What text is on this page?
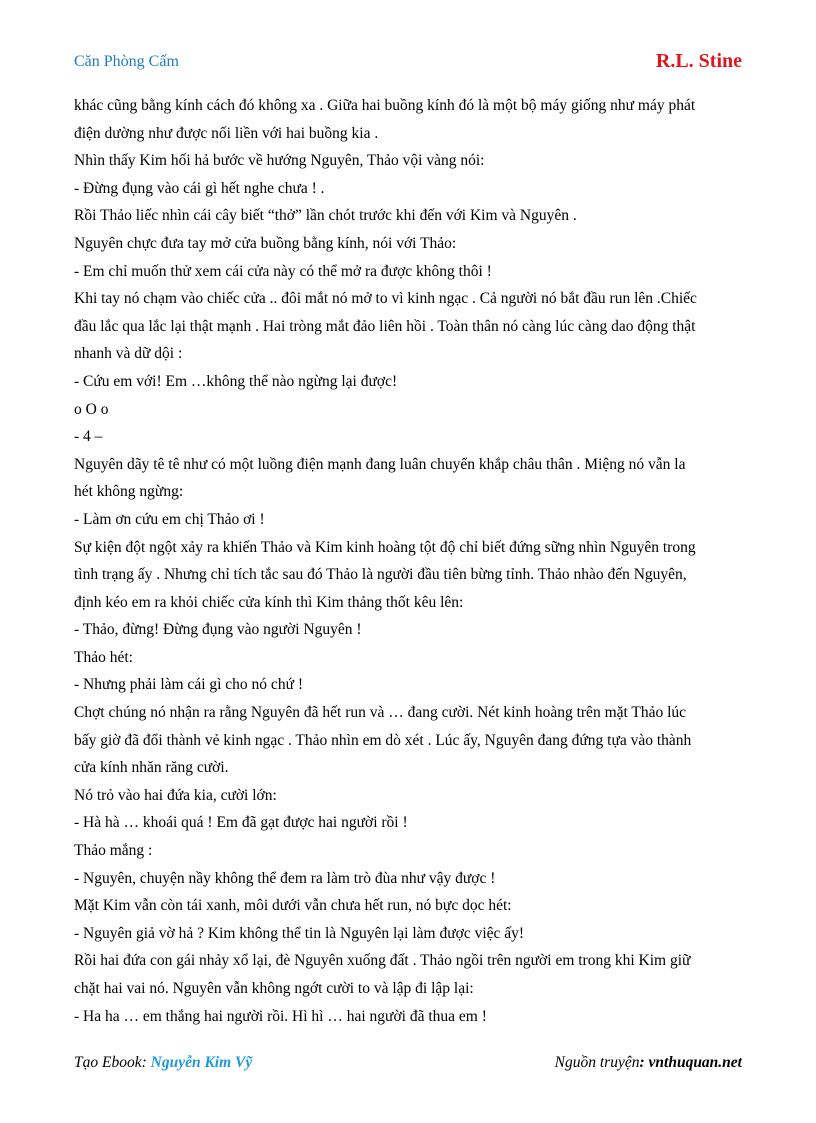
Căn Phòng Cấm	R.L. Stine

khác cũng bằng kính cách đó không xa . Giữa hai buồng kính đó là một bộ máy giống như máy phát

điện dường như được nối liền với hai buồng kia .

Nhìn thấy Kim hối hả bước về hướng Nguyên, Thảo vội vàng nói:

- Đừng đụng vào cái gì hết nghe chưa ! .

Rồi Thảo liếc nhìn cái cây biết “thở” lần chót trước khi đến với Kim và Nguyên .

Nguyên chực đưa tay mở cửa buồng bằng kính, nói với Thảo:

- Em chỉ muốn thử xem cái cửa này có thể mở ra được không thôi !

Khi tay nó chạm vào chiếc cửa .. đôi mắt nó mở to vì kinh ngạc . Cả người nó bắt đầu run lên .Chiếc

đầu lắc qua lắc lại thật mạnh . Hai tròng mắt đảo liên hồi . Toàn thân nó càng lúc càng dao động thật

nhanh và dữ dội :

- Cứu em với! Em …không thể nào ngừng lại được!

o O o

- 4 –

Nguyên dãy tê tê như có một luồng điện mạnh đang luân chuyển khắp châu thân . Miệng nó vẫn la

hét không ngừng:

- Làm ơn cứu em chị Thảo ơi !

Sự kiện đột ngột xảy ra khiến Thảo và Kim kinh hoàng tột độ chỉ biết đứng sững nhìn Nguyên trong

tình trạng ấy . Nhưng chỉ tích tắc sau đó Thảo là người đầu tiên bừng tỉnh. Thảo nhào đến Nguyên,

định kéo em ra khỏi chiếc cửa kính thì Kim thảng thốt kêu lên:

- Thảo, đừng! Đừng đụng vào người Nguyên !

Thảo hét:

- Nhưng phải làm cái gì cho nó chứ !

Chợt chúng nó nhận ra rằng Nguyên đã hết run và … đang cười. Nét kinh hoàng trên mặt Thảo lúc

bấy giờ đã đổi thành vẻ kinh ngạc . Thảo nhìn em dò xét . Lúc ấy, Nguyên đang đứng tựa vào thành

cửa kính nhăn răng cười.

Nó trỏ vào hai đứa kia, cười lớn:

- Hà hà … khoái quá ! Em đã gạt được hai người rồi !

Thảo mắng :

- Nguyên, chuyện nầy không thể đem ra làm trò đùa như vậy được !

Mặt Kim vẫn còn tái xanh, môi dưới vẫn chưa hết run, nó bực dọc hét:

- Nguyên giả vờ hả ? Kim không thể tin là Nguyên lại làm được việc ấy!

Rồi hai đứa con gái nhảy xổ lại, đè Nguyên xuống đất . Thảo ngồi trên người em trong khi Kim giữ

chặt hai vai nó. Nguyên vẫn không ngớt cười to và lập đi lập lại:

- Ha ha … em thắng hai người rồi. Hì hì … hai người đã thua em !

Tạo Ebook: Nguyễn Kim Vỹ	Nguồn truyện: vnthuquan.net
